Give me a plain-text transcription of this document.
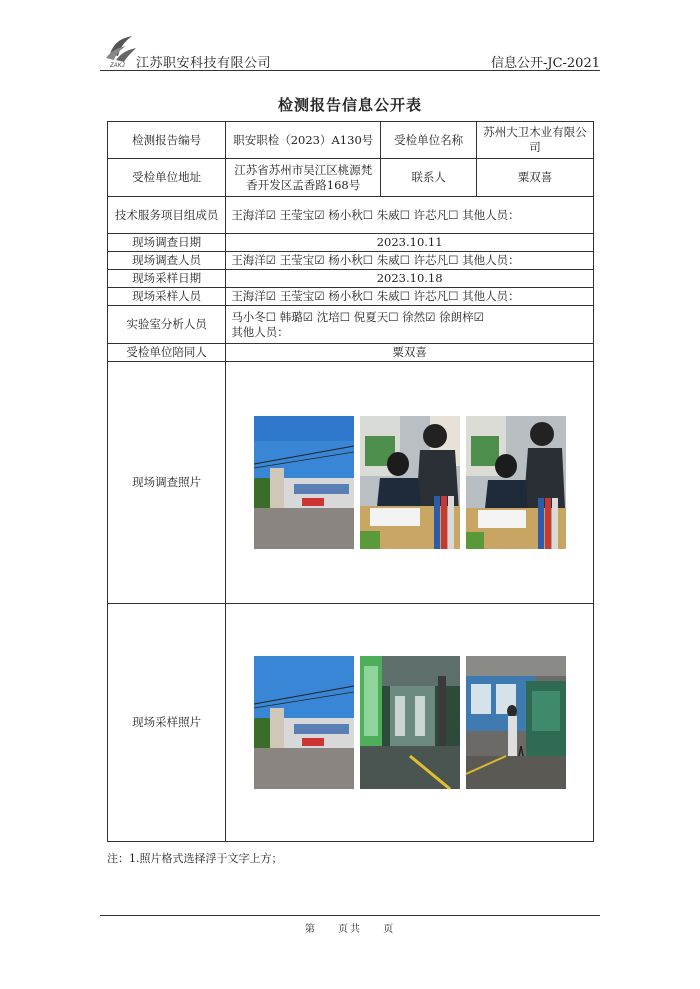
ZAKJ 江苏职安科技有限公司	信息公开-JC-2021
检测报告信息公开表
检测报告编号	职安职检（2023）A130号	受检单位名称	苏州大卫木业有限公司
受检单位地址	江苏省苏州市吴江区桃源梵香开发区孟香路168号	联系人	粟双喜
技术服务项目组成员	王海洋☑ 王莹宝☑ 杨小秋☐ 朱威☐ 许芯凡☐ 其他人员：		
现场调查日期	2023.10.11		
现场调查人员	王海洋☑ 王莹宝☑ 杨小秋☐ 朱威☐ 许芯凡☐ 其他人员：		
现场采样日期	2023.10.18		
现场采样人员	王海洋☑ 王莹宝☑ 杨小秋☐ 朱威☐ 许芯凡☐ 其他人员：		
实验室分析人员	马小冬☐ 韩璐☑ 沈培☐ 倪夏天☐ 徐然☑ 徐朗梓☑
其他人员：		

受检单位陪同人	粟双喜		
现场调查照片	

现场采样照片	
注：1.照片格式选择浮于文字上方；
第 页共 页
